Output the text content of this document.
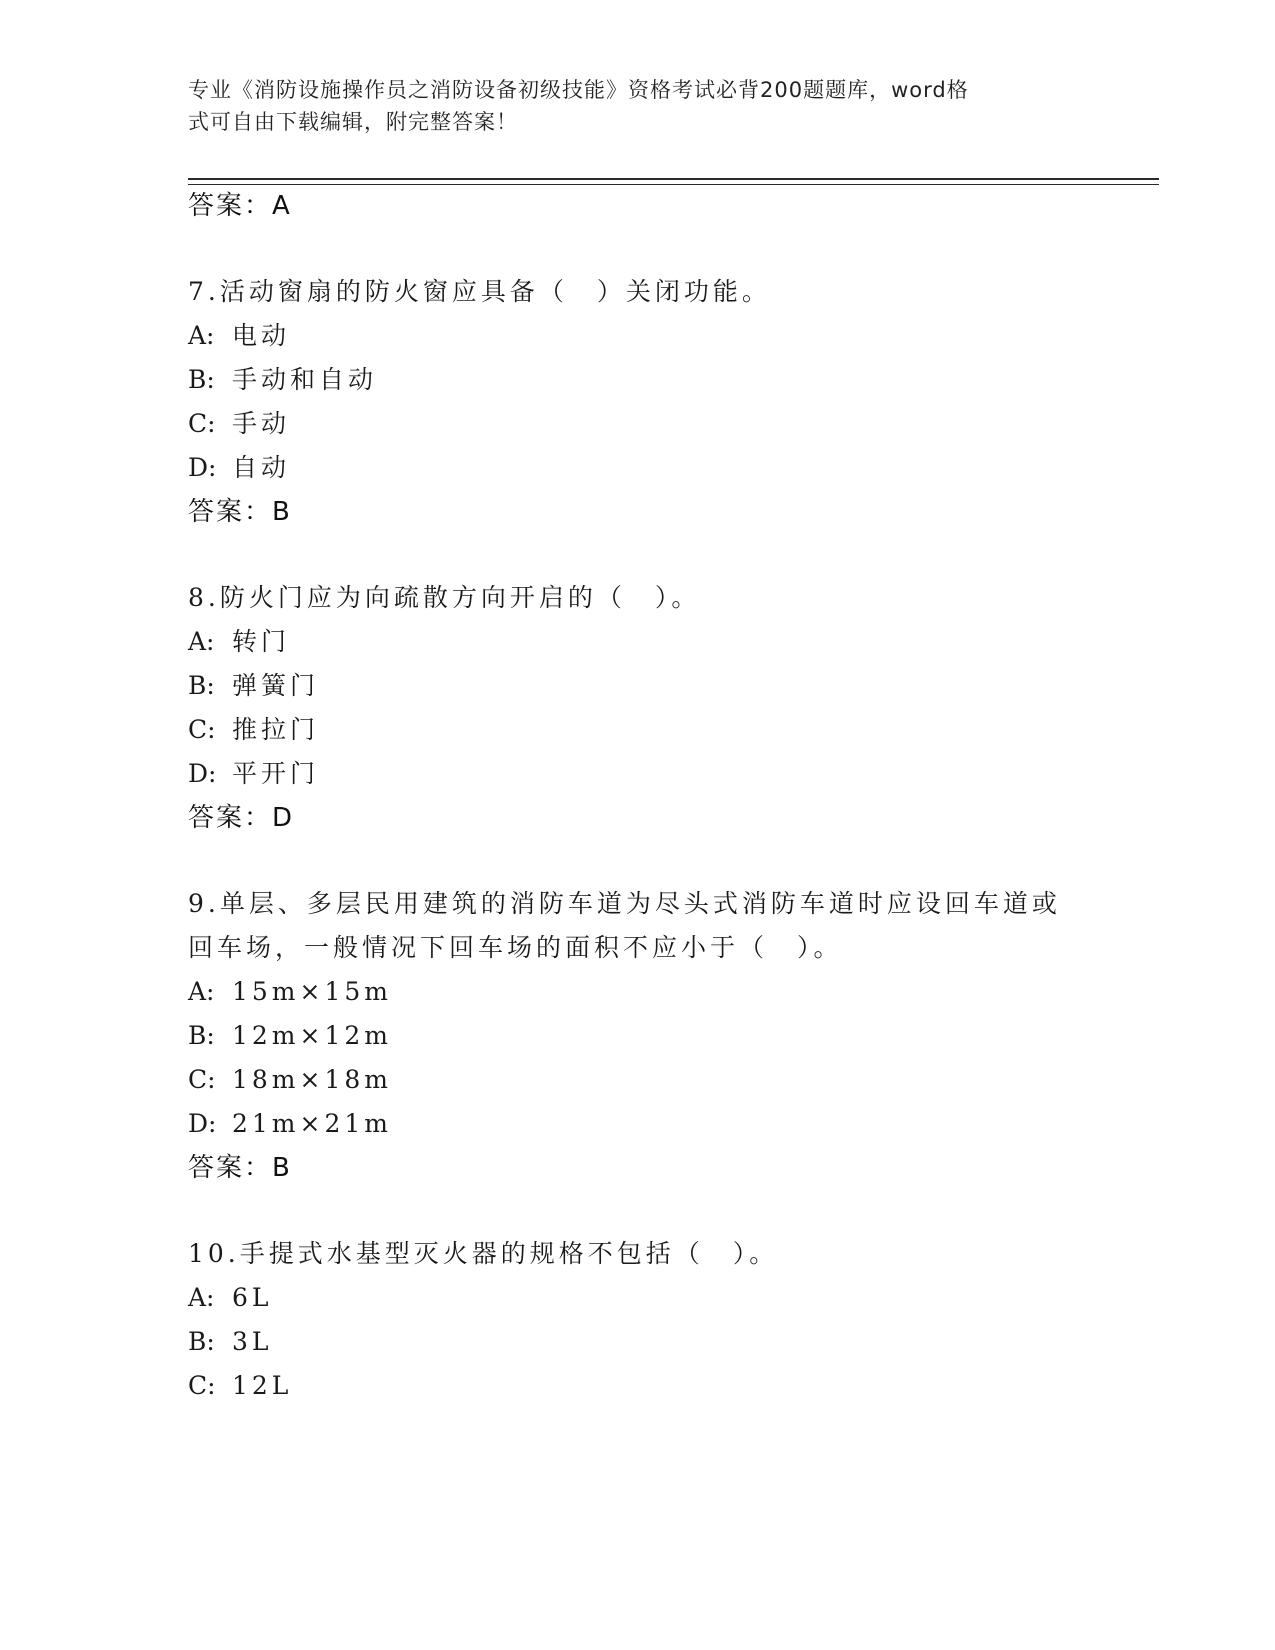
专业《消防设施操作员之消防设备初级技能》资格考试必背200题题库，word格
式可自由下载编辑，附完整答案！
答案：A
7.活动窗扇的防火窗应具备（　）关闭功能。
A: 电动
B: 手动和自动
C: 手动
D: 自动
答案：B
8.防火门应为向疏散方向开启的（　）。
A: 转门
B: 弹簧门
C: 推拉门
D: 平开门
答案：D
9.单层、多层民用建筑的消防车道为尽头式消防车道时应设回车道或
回车场，一般情况下回车场的面积不应小于（　）。
A: 15m×15m
B: 12m×12m
C: 18m×18m
D: 21m×21m
答案：B
10.手提式水基型灭火器的规格不包括（　）。
A: 6L
B: 3L
C: 12L
